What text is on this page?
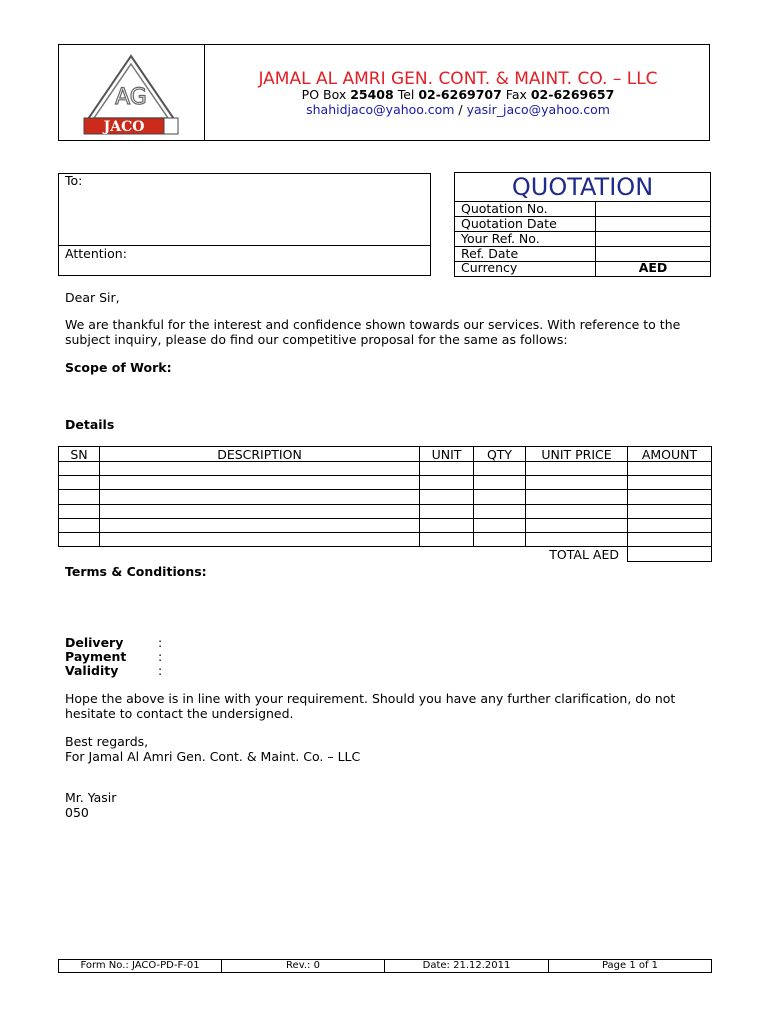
JACO
AG
JAMAL AL AMRI GEN. CONT. & MAINT. CO. – LLC
PO Box 25408 Tel 02-6269707 Fax 02-6269657
shahidjaco@yahoo.com / yasir_jaco@yahoo.com
To:
Attention:
QUOTATION
Quotation No.
Quotation Date
Your Ref. No.
Ref. Date
Currency	AED
Dear Sir,
We are thankful for the interest and confidence shown towards our services. With reference to the
subject inquiry, please do find our competitive proposal for the same as follows:
Scope of Work:
Details
SN	DESCRIPTION	UNIT	QTY	UNIT PRICE	AMOUNT

TOTAL AED					
Terms & Conditions:
Delivery	:
Payment	:
Validity	:
Hope the above is in line with your requirement. Should you have any further clarification, do not
hesitate to contact the undersigned.
Best regards,
For Jamal Al Amri Gen. Cont. & Maint. Co. – LLC
Mr. Yasir
050
Form No.: JACO-PD-F-01	Rev.: 0	Date: 21.12.2011	Page 1 of 1
